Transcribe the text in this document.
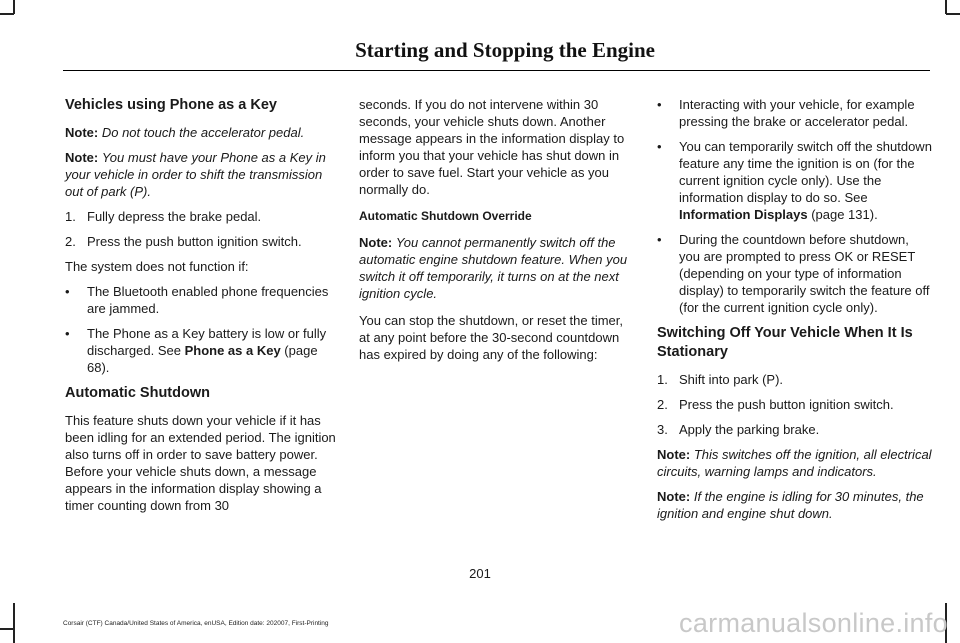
Starting and Stopping the Engine
Vehicles using Phone as a Key

Note: Do not touch the accelerator pedal.

Note: You must have your Phone as a Key in your vehicle in order to shift the transmission out of park (P).

1. Fully depress the brake pedal.
2. Press the push button ignition switch.

The system does not function if:

• The Bluetooth enabled phone frequencies are jammed.
• The Phone as a Key battery is low or fully discharged. See Phone as a Key (page 68).
Automatic Shutdown

This feature shuts down your vehicle if it has been idling for an extended period. The ignition also turns off in order to save battery power. Before your vehicle shuts down, a message appears in the information display showing a timer counting down from 30

seconds. If you do not intervene within 30 seconds, your vehicle shuts down. Another message appears in the information display to inform you that your vehicle has shut down in order to save fuel. Start your vehicle as you normally do.

Automatic Shutdown Override

Note: You cannot permanently switch off the automatic engine shutdown feature. When you switch it off temporarily, it turns on at the next ignition cycle.

You can stop the shutdown, or reset the timer, at any point before the 30-second countdown has expired by doing any of the following:

• Interacting with your vehicle, for example pressing the brake or accelerator pedal.
• You can temporarily switch off the shutdown feature any time the ignition is on (for the current ignition cycle only). Use the information display to do so. See Information Displays (page 131).
• During the countdown before shutdown, you are prompted to press OK or RESET (depending on your type of information display) to temporarily switch the feature off (for the current ignition cycle only).
Switching Off Your Vehicle When It Is Stationary
1. Shift into park (P).
2. Press the push button ignition switch.
3. Apply the parking brake.

Note: This switches off the ignition, all electrical circuits, warning lamps and indicators.

Note: If the engine is idling for 30 minutes, the ignition and engine shut down.

201
Corsair (CTF) Canada/United States of America, enUSA, Edition date: 202007, First-Printing	carmanualsonline.info
